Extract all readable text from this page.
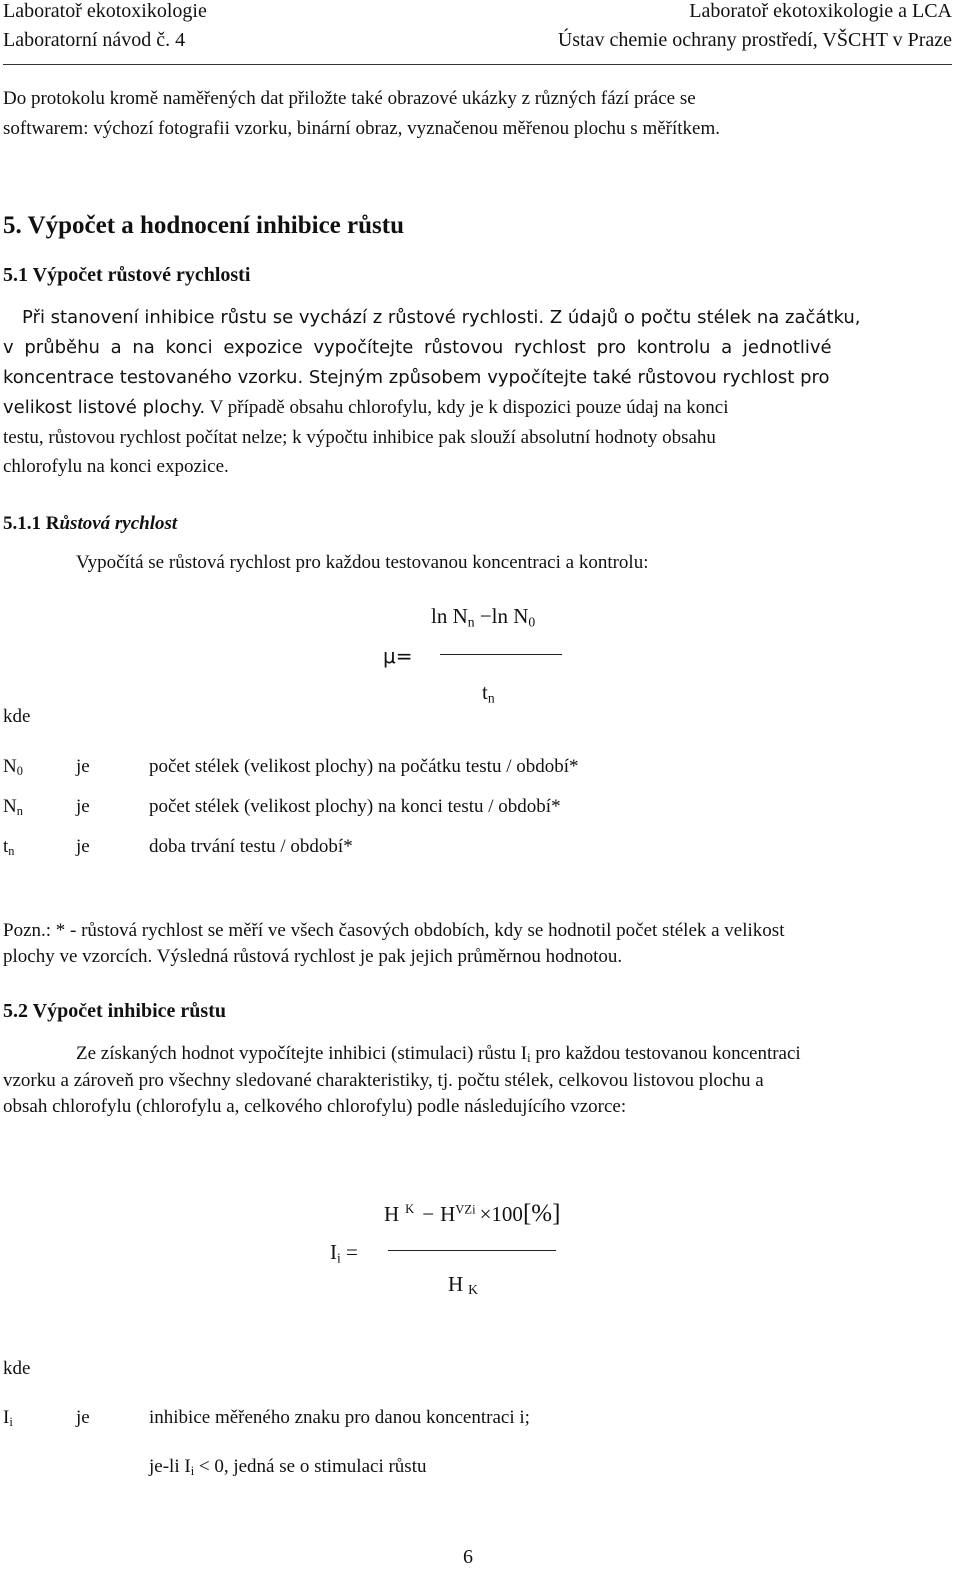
Laboratoř ekotoxikologie	Laboratoř ekotoxikologie a LCA
Laboratorní návod č. 4	Ústav chemie ochrany prostředí, VŠCHT v Praze
Do protokolu kromě naměřených dat přiložte také obrazové ukázky z různých fází práce se
softwarem: výchozí fotografii vzorku, binární obraz, vyznačenou měřenou plochu s měřítkem.
5. Výpočet a hodnocení inhibice růstu
5.1 Výpočet růstové rychlosti
Při stanovení inhibice růstu se vychází z růstové rychlosti. Z údajů o počtu stélek na začátku,
v průběhu a na konci expozice vypočítejte růstovou rychlost pro kontrolu a jednotlivé
koncentrace testovaného vzorku. Stejným způsobem vypočítejte také růstovou rychlost pro
velikost listové plochy. V případě obsahu chlorofylu, kdy je k dispozici pouze údaj na konci
testu, růstovou rychlost počítat nelze; k výpočtu inhibice pak slouží absolutní hodnoty obsahu
chlorofylu na konci expozice.
5.1.1 Růstová rychlost
Vypočítá se růstová rychlost pro každou testovanou koncentraci a kontrolu:
μ=
$\ln N_n -\ln$ $N_0$
$t_n$
kde
$N_0$	je	počet stélek (velikost plochy) na počátku testu / období*
$N_n$	je	počet stélek (velikost plochy) na konci testu / období*
$t_n$	je	doba trvání testu / období*
Pozn.: * - růstová rychlost se měří ve všech časových obdobích, kdy se hodnotil počet stélek a velikost
plochy ve vzorcích. Výsledná růstová rychlost je pak jejich průměrnou hodnotou.
5.2 Výpočet inhibice růstu
Ze získaných hodnot vypočítejte inhibici (stimulaci) růstu $I_i$ pro každou testovanou koncentraci
vzorku a zároveň pro všechny sledované charakteristiky, tj. počtu stélek, celkovou listovou plochu a
obsah chlorofylu (chlorofylu a, celkového chlorofylu) podle následujícího vzorce:
$I_i$ =
H $^K - H^{VZi} \times 100[\%]$
H $_K$
kde
$I_i$	je	inhibice měřeného znaku pro danou koncentraci i;
je-li $I_i < 0$, jedná se o stimulaci růstu
6
